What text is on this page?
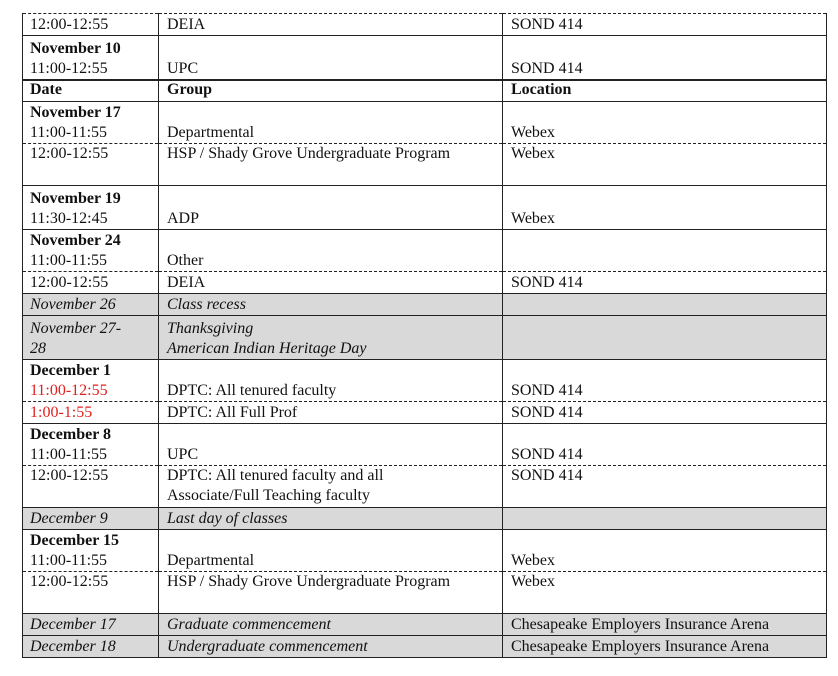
12:00-12:55	DEIA	SOND 414

November 10
11:00-12:55	UPC	SOND 414
Date	Group	Location

November 17
11:00-11:55	Departmental	Webex
12:00-12:55	HSP / Shady Grove Undergraduate Program	Webex

November 19
11:30-12:45	ADP	Webex

November 24
11:00-11:55	Other	
12:00-12:55	DEIA	SOND 414
November 26	Class recess	

November 27-
28	Thanksgiving
American Indian Heritage Day	

December 1
11:00-12:55	DPTC: All tenured faculty	SOND 414
1:00-1:55	DPTC: All Full Prof	SOND 414

December 8
11:00-11:55	UPC	SOND 414
12:00-12:55	DPTC: All tenured faculty and all
Associate/Full Teaching faculty	SOND 414
December 9	Last day of classes	

December 15
11:00-11:55	Departmental	Webex
12:00-12:55	HSP / Shady Grove Undergraduate Program	Webex
December 17	Graduate commencement	Chesapeake Employers Insurance Arena
December 18	Undergraduate commencement	Chesapeake Employers Insurance Arena
